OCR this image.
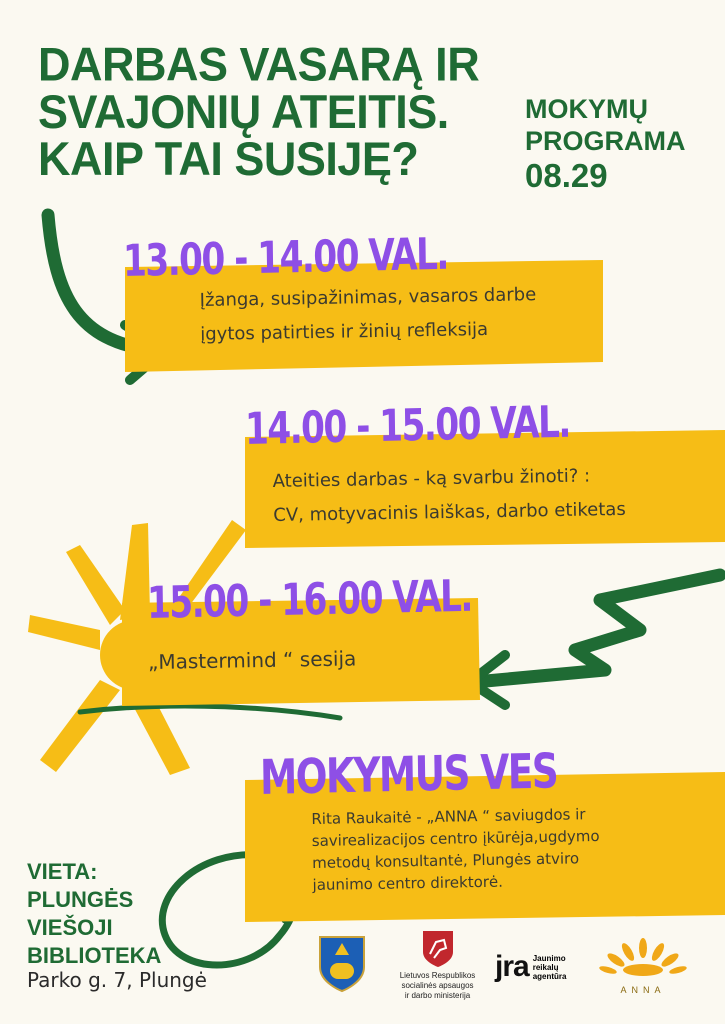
DARBAS VASARĄ IR
SVAJONIŲ ATEITIS.
KAIP TAI SUSIJĘ?
MOKYMŲ
PROGRAMA
08.29
13.00 - 14.00 VAL.
Įžanga, susipažinimas, vasaros darbe
įgytos patirties ir žinių refleksija
14.00 - 15.00 VAL.
Ateities darbas - ką svarbu žinoti? :
CV, motyvacinis laiškas, darbo etiketas
15.00 - 16.00 VAL.
„Mastermind “ sesija
MOKYMUS VES
Rita Raukaitė - „ANNA “ saviugdos ir
savirealizacijos centro įkūrėja,ugdymo
metodų konsultantė, Plungės atviro
jaunimo centro direktorė.
VIETA:
PLUNGĖS
VIEŠOJI
BIBLIOTEKA
Parko g. 7, Plungė	Lietuvos Respublikos
socialinės apsaugos
ir darbo ministerija
jra Jaunimo
reikalų
agentūra
ANNA
